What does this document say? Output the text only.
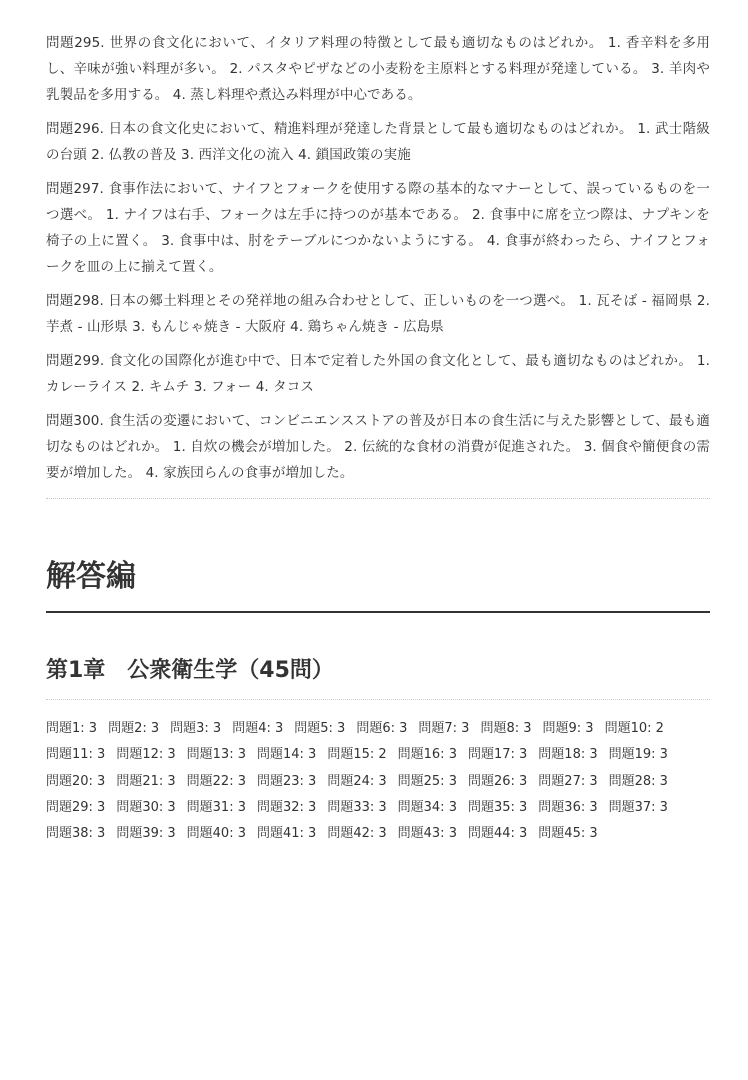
問題295. 世界の食文化において、イタリア料理の特徴として最も適切なものはどれか。 1. 香辛料を多用し、辛味が強い料理が多い。 2. パスタやピザなどの小麦粉を主原料とする料理が発達している。 3. 羊肉や乳製品を多用する。 4. 蒸し料理や煮込み料理が中心である。

問題296. 日本の食文化史において、精進料理が発達した背景として最も適切なものはどれか。 1. 武士階級の台頭 2. 仏教の普及 3. 西洋文化の流入 4. 鎖国政策の実施

問題297. 食事作法において、ナイフとフォークを使用する際の基本的なマナーとして、誤っているものを一つ選べ。 1. ナイフは右手、フォークは左手に持つのが基本である。 2. 食事中に席を立つ際は、ナプキンを椅子の上に置く。 3. 食事中は、肘をテーブルにつかないようにする。 4. 食事が終わったら、ナイフとフォークを皿の上に揃えて置く。

問題298. 日本の郷土料理とその発祥地の組み合わせとして、正しいものを一つ選べ。 1. 瓦そば - 福岡県 2. 芋煮 - 山形県 3. もんじゃ焼き - 大阪府 4. 鶏ちゃん焼き - 広島県

問題299. 食文化の国際化が進む中で、日本で定着した外国の食文化として、最も適切なものはどれか。 1. カレーライス 2. キムチ 3. フォー 4. タコス

問題300. 食生活の変遷において、コンビニエンスストアの普及が日本の食生活に与えた影響として、最も適切なものはどれか。 1. 自炊の機会が増加した。 2. 伝統的な食材の消費が促進された。 3. 個食や簡便食の需要が増加した。 4. 家族団らんの食事が増加した。

解答編
第1章　公衆衛生学（45問）
問題1: 3 問題2: 3 問題3: 3 問題4: 3 問題5: 3 問題6: 3 問題7: 3 問題8: 3 問題9: 3 問題10: 2
問題11: 3 問題12: 3 問題13: 3 問題14: 3 問題15: 2 問題16: 3 問題17: 3 問題18: 3 問題19: 3
問題20: 3 問題21: 3 問題22: 3 問題23: 3 問題24: 3 問題25: 3 問題26: 3 問題27: 3 問題28: 3
問題29: 3 問題30: 3 問題31: 3 問題32: 3 問題33: 3 問題34: 3 問題35: 3 問題36: 3 問題37: 3
問題38: 3 問題39: 3 問題40: 3 問題41: 3 問題42: 3 問題43: 3 問題44: 3 問題45: 3
